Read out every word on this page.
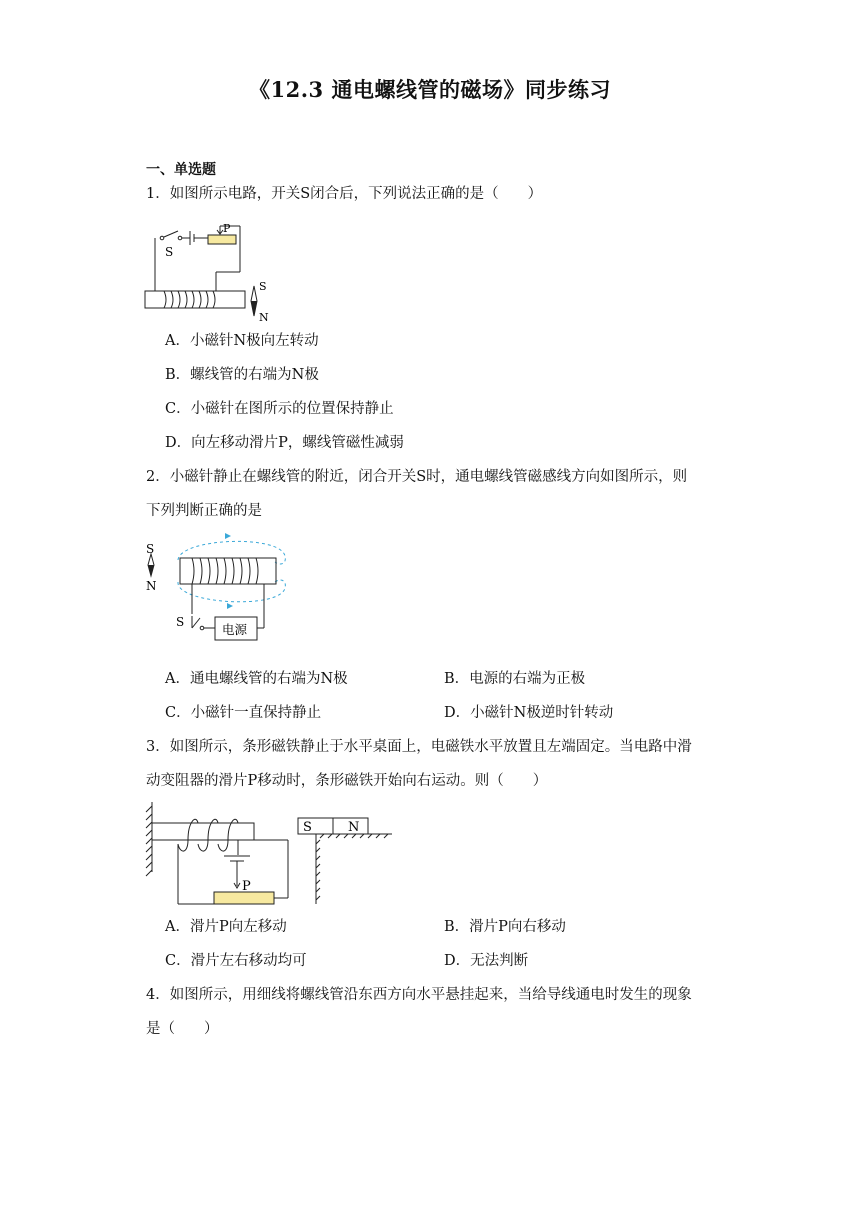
《12.3 通电螺线管的磁场》同步练习
一、单选题
1．如图所示电路，开关S闭合后，下列说法正确的是（　　）
S
P
S
N
A．小磁针N极向左转动
B．螺线管的右端为N极
C．小磁针在图所示的位置保持静止
D．向左移动滑片P，螺线管磁性减弱
2．小磁针静止在螺线管的附近，闭合开关S时，通电螺线管磁感线方向如图所示，则
下列判断正确的是
S
N
S	电源
A．通电螺线管的右端为N极	B．电源的右端为正极
C．小磁针一直保持静止	D．小磁针N极逆时针转动
3．如图所示，条形磁铁静止于水平桌面上，电磁铁水平放置且左端固定。当电路中滑
动变阻器的滑片P移动时，条形磁铁开始向右运动。则（　　）
S	N
P
A．滑片P向左移动	B．滑片P向右移动
C．滑片左右移动均可	D．无法判断
4．如图所示，用细线将螺线管沿东西方向水平悬挂起来，当给导线通电时发生的现象
是（　　）
